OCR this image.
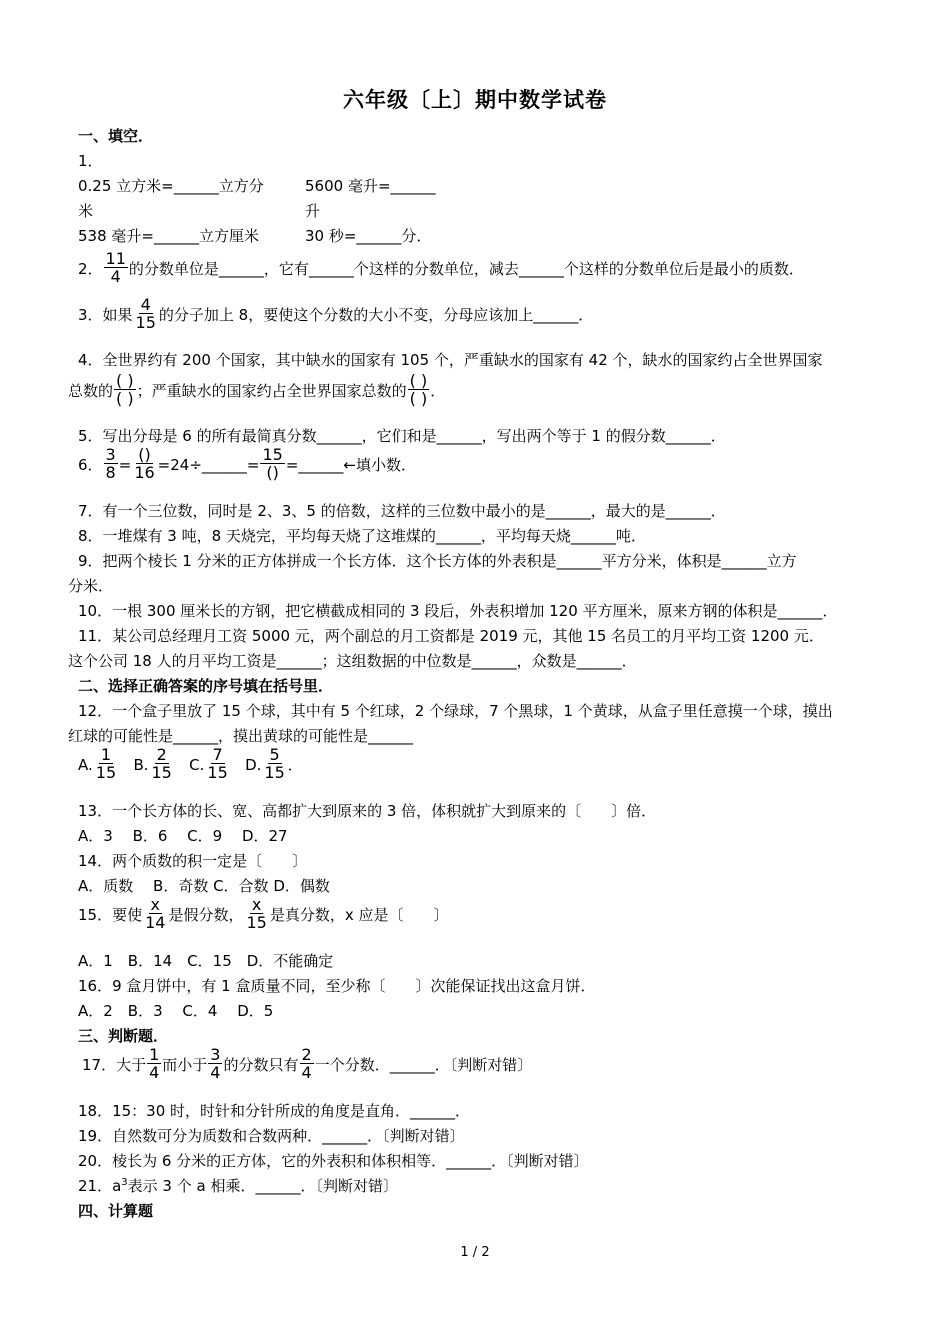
六年级〔上〕期中数学试卷
一、填空．
1．
0.25 立方米=______立方分	5600 毫升=______
米	升
538 毫升=______立方厘米	30 秒=______分．
2． $\frac{11}{4}$ 的分数单位是______，它有______个这样的分数单位，减去______个这样的分数单位后是最小的质数．
3．如果 $\frac{4}{15}$ 的分子加上 8，要使这个分数的大小不变，分母应该加上______．
4．全世界约有 200 个国家，其中缺水的国家有 105 个，严重缺水的国家有 42 个，缺水的国家约占全世界国家
总数的 $\frac{( )}{( )}$ ；严重缺水的国家约占全世界国家总数的 $\frac{( )}{( )}$ ．
5．写出分母是 6 的所有最简真分数______，它们和是______，写出两个等于 1 的假分数______．
6． $\frac{3}{8} = \frac{()}{16}$ =24÷______= $\frac{15}{()}$ =______←填小数．
7．有一个三位数，同时是 2、3、5 的倍数，这样的三位数中最小的是______，最大的是______．
8．一堆煤有 3 吨，8 天烧完，平均每天烧了这堆煤的______，平均每天烧______吨．
9．把两个棱长 1 分米的正方体拼成一个长方体．这个长方体的外表积是______平方分米，体积是______立方
分米．
10．一根 300 厘米长的方钢，把它横截成相同的 3 段后，外表积增加 120 平方厘米，原来方钢的体积是______．
11．某公司总经理月工资 5000 元，两个副总的月工资都是 2019 元，其他 15 名员工的月平均工资 1200 元．
这个公司 18 人的月平均工资是______；这组数据的中位数是______，众数是______．
二、选择正确答案的序号填在括号里．
12．一个盒子里放了 15 个球，其中有 5 个红球，2 个绿球，7 个黑球，1 个黄球，从盒子里任意摸一个球，摸出
红球的可能性是______，摸出黄球的可能性是______
A. $\frac{1}{15} B$. $\frac{2}{15} C$. $\frac{7}{15} D$. $\frac{5}{15}$ ．
13．一个长方体的长、宽、高都扩大到原来的 3 倍，体积就扩大到原来的〔　　〕倍．
A．3　 B．6　 C．9　 D．27
14．两个质数的积一定是〔　　〕
A．质数　 B．奇数 C．合数 D．偶数
15．要使 $\frac{x}{14}$ 是假分数， $\frac{x}{15}$ 是真分数，x 应是〔　　〕
A．1　B．14　C．15　D．不能确定
16．9 盒月饼中，有 1 盒质量不同，至少称〔　　〕次能保证找出这盒月饼．
A．2　B．3　 C．4　 D．5
三、判断题．
17．大于 $\frac{1}{4}$ 而小于 $\frac{3}{4}$ 的分数只有 $\frac{2}{4}$ 一个分数．______．〔判断对错〕
18．15：30 时，时针和分针所成的角度是直角．______．
19．自然数可分为质数和合数两种．______．〔判断对错〕
20．棱长为 6 分米的正方体，它的外表积和体积相等．______．〔判断对错〕
21．$a^3$表示 3 个 a 相乘．______．〔判断对错〕
四、计算题
1 / 2
